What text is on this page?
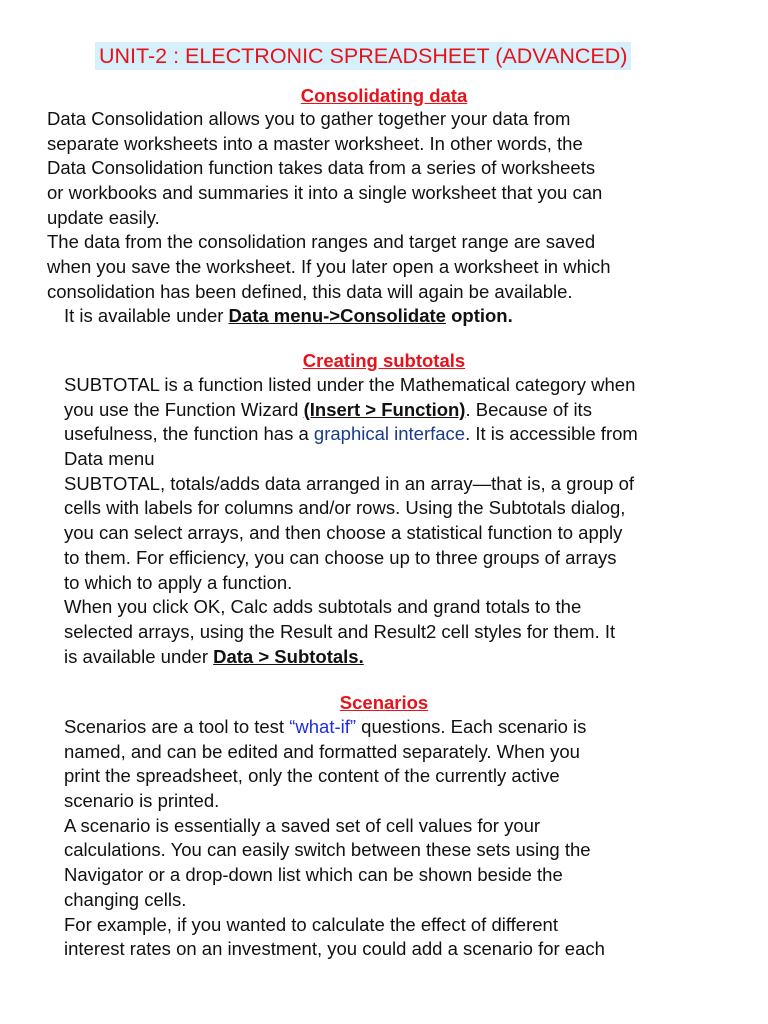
UNIT-2 : ELECTRONIC SPREADSHEET (ADVANCED)
Consolidating data
Data Consolidation allows you to gather together your data from
separate worksheets into a master worksheet. In other words, the
Data Consolidation function takes data from a series of worksheets
or workbooks and summaries it into a single worksheet that you can
update easily.
The data from the consolidation ranges and target range are saved
when you save the worksheet. If you later open a worksheet in which
consolidation has been defined, this data will again be available.
It is available under Data menu->Consolidate option.
Creating subtotals
SUBTOTAL is a function listed under the Mathematical category when
you use the Function Wizard (Insert > Function). Because of its
usefulness, the function has a graphical interface. It is accessible from
Data menu
SUBTOTAL, totals/adds data arranged in an array—that is, a group of
cells with labels for columns and/or rows. Using the Subtotals dialog,
you can select arrays, and then choose a statistical function to apply
to them. For efficiency, you can choose up to three groups of arrays
to which to apply a function.
When you click OK, Calc adds subtotals and grand totals to the
selected arrays, using the Result and Result2 cell styles for them. It
is available under Data > Subtotals.
Scenarios
Scenarios are a tool to test “what-if” questions. Each scenario is
named, and can be edited and formatted separately. When you
print the spreadsheet, only the content of the currently active
scenario is printed.
A scenario is essentially a saved set of cell values for your
calculations. You can easily switch between these sets using the
Navigator or a drop-down list which can be shown beside the
changing cells.
For example, if you wanted to calculate the effect of different
interest rates on an investment, you could add a scenario for each
